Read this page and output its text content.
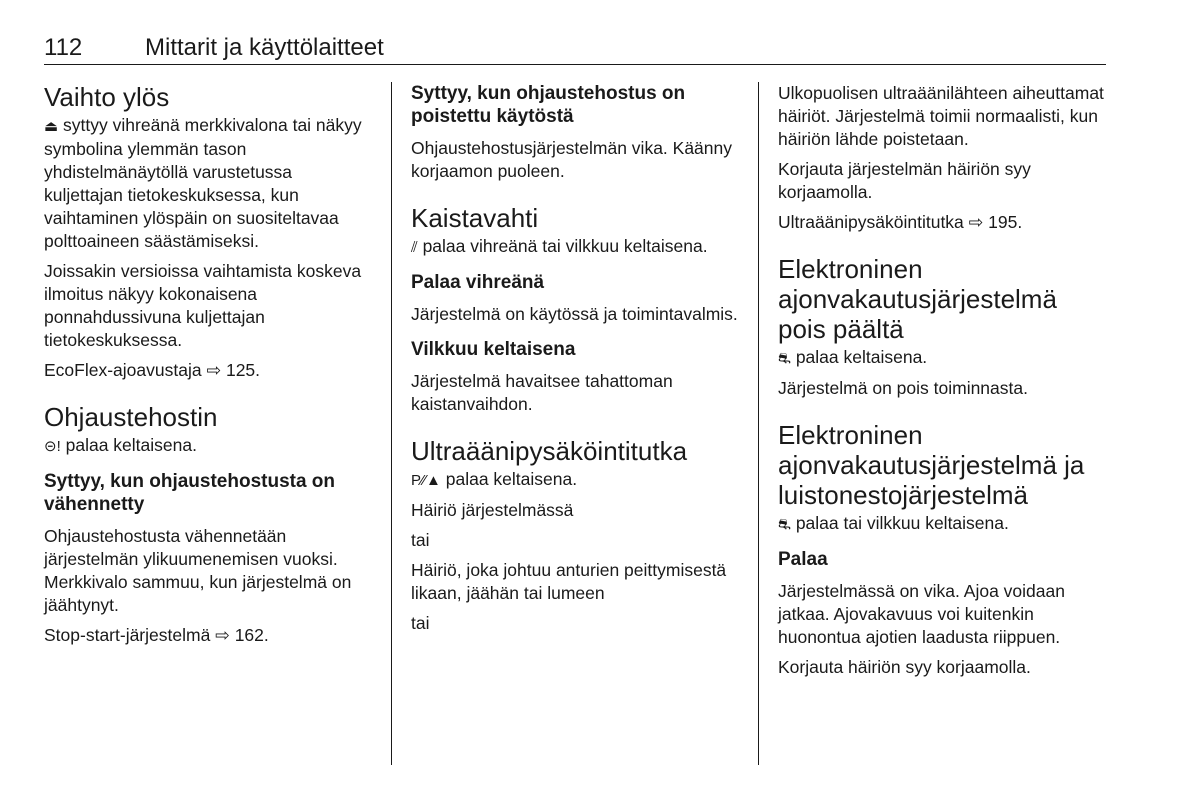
112	Mittarit ja käyttölaitteet
Vaihto ylös

⏏ syttyy vihreänä merkkivalona tai näkyy symbolina ylemmän tason yhdistelmänäytöllä varustetussa kuljettajan tietokeskuksessa, kun vaihtaminen ylöspäin on suositeltavaa polttoaineen säästämiseksi.

Joissakin versioissa vaihtamista koskeva ilmoitus näkyy kokonaisena ponnahdussivuna kuljettajan tietokeskuksessa.

EcoFlex-ajoavustaja ⇨ 125.

Ohjaustehostin

⊝! palaa keltaisena.

Syttyy, kun ohjaustehostusta on vähennetty

Ohjaustehostusta vähennetään järjestelmän ylikuumenemisen vuoksi. Merkkivalo sammuu, kun järjestelmä on jäähtynyt.

Stop-start-järjestelmä ⇨ 162.

Syttyy, kun ohjaustehostus on poistettu käytöstä

Ohjaustehostusjärjestelmän vika. Käänny korjaamon puoleen.

Kaistavahti

⫽ palaa vihreänä tai vilkkuu keltaisena.

Palaa vihreänä

Järjestelmä on käytössä ja toimintavalmis.

Vilkkuu keltaisena

Järjestelmä havaitsee tahattoman kaistanvaihdon.

Ultraäänipysäköintitutka

P⁄⁄▲ palaa keltaisena.

Häiriö järjestelmässä

tai

Häiriö, joka johtuu anturien peittymisestä likaan, jäähän tai lumeen

tai

Ulkopuolisen ultraäänilähteen aiheuttamat häiriöt. Järjestelmä toimii normaalisti, kun häiriön lähde poistetaan.

Korjauta järjestelmän häiriön syy korjaamolla.

Ultraäänipysäköintitutka ⇨ 195.

Elektroninen ajonvakautusjärjestelmä pois päältä

⛐ palaa keltaisena.

Järjestelmä on pois toiminnasta.

Elektroninen ajonvakautusjärjestelmä ja luistonestojärjestelmä

⛐ palaa tai vilkkuu keltaisena.

Palaa

Järjestelmässä on vika. Ajoa voidaan jatkaa. Ajovakavuus voi kuitenkin huonontua ajotien laadusta riippuen.

Korjauta häiriön syy korjaamolla.
